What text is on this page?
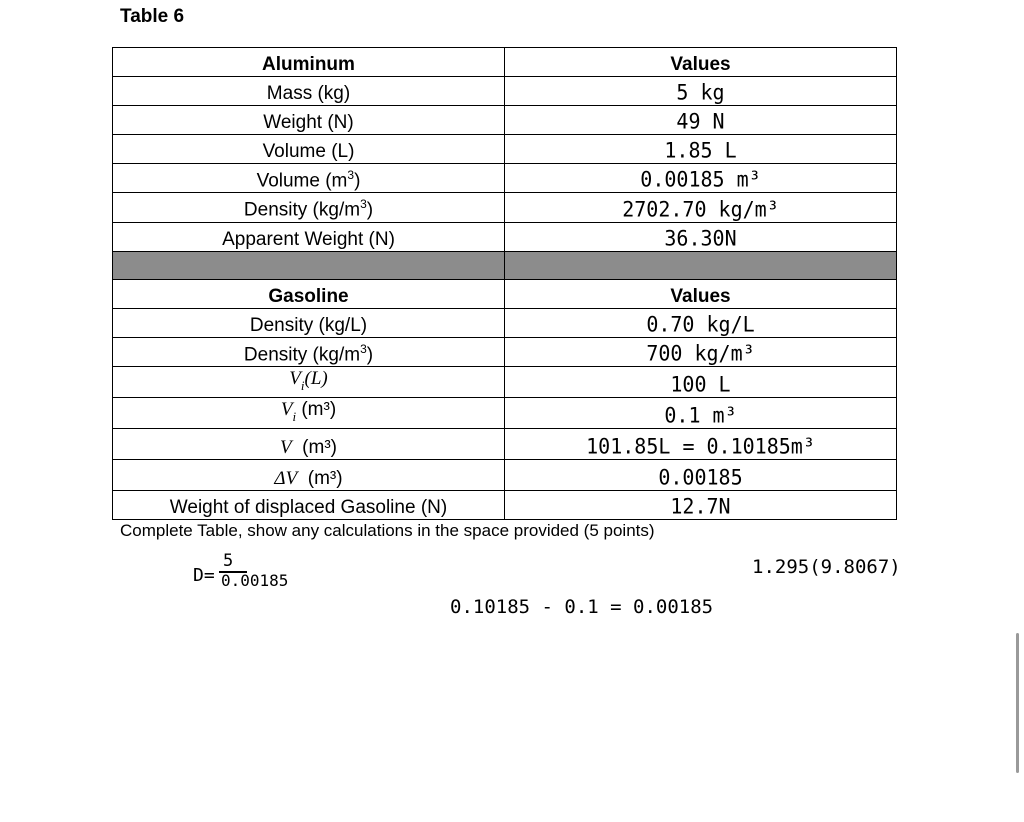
Table 6
Aluminum	Values
Mass (kg)	5 kg
Weight (N)	49 N
Volume (L)	1.85 L
Volume $(m^3)$	0.00185 m³
Density $(kg/m^3)$	2702.70 kg/m³
Apparent Weight (N)	36.30N

Gasoline	Values
Density (kg/L)	0.70 kg/L
Density $(kg/m^3)$	700 kg/m³
$V_i(L)$	100 L
$V_i$ (m³)	0.1 m³
V  (m³)	101.85L = 0.10185m³
ΔV  (m³)	0.00185
Weight of displaced Gasoline (N)	12.7N
Complete Table, show any calculations in the space provided (5 points)
D=
5
0.00185
0.10185 - 0.1 = 0.00185
1.295(9.8067)
